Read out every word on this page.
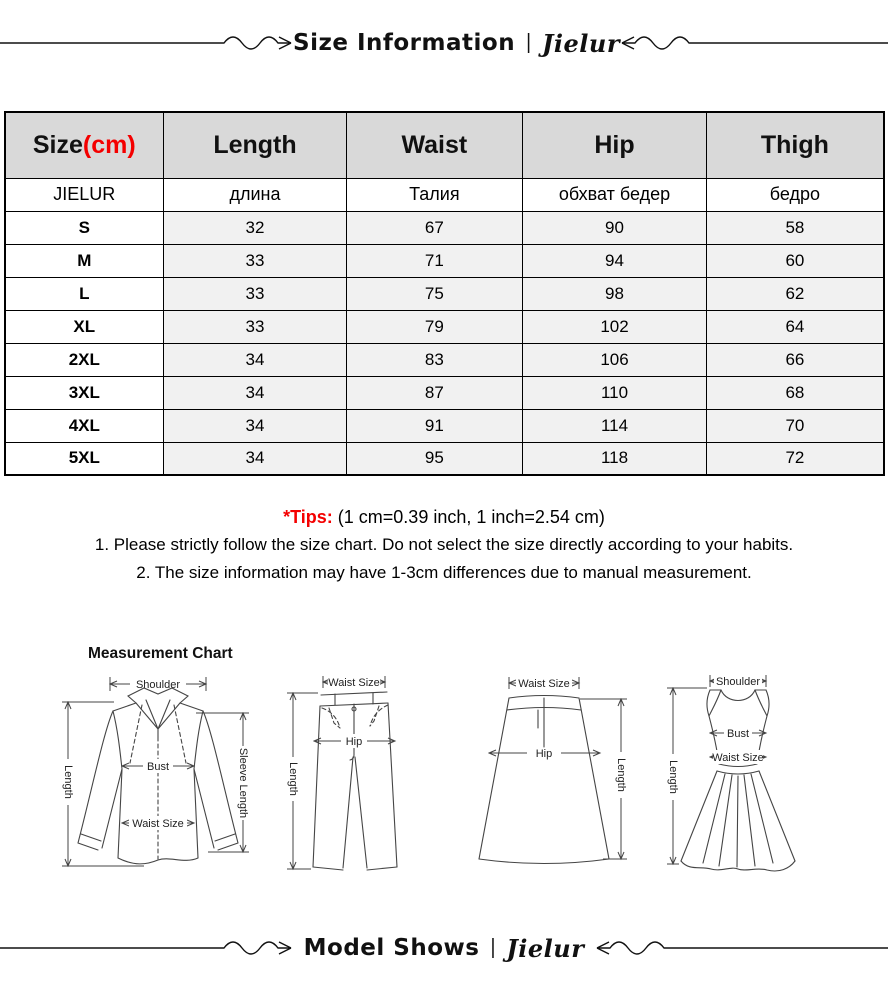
Size Information | Jielur
Size(cm)	Length	Waist	Hip	Thigh
JIELUR	длина	Талия	обхват бедер	бедро
S	32	67	90	58
M	33	71	94	60
L	33	75	98	62
XL	33	79	102	64
2XL	34	83	106	66
3XL	34	87	110	68
4XL	34	91	114	70
5XL	34	95	118	72
*Tips: (1 cm=0.39 inch, 1 inch=2.54 cm)
1. Please strictly follow the size chart. Do not select the size directly according to your habits.
2. The size information may have 1-3cm differences due to manual measurement.
Measurement Chart
Shoulder
Bust
Waist Size
Length	Sleeve Length
Waist Size
Hip
Length
Waist Size
Hip
Length
Shoulder
Bust
Waist Size
Length
Model Shows | Jielur
